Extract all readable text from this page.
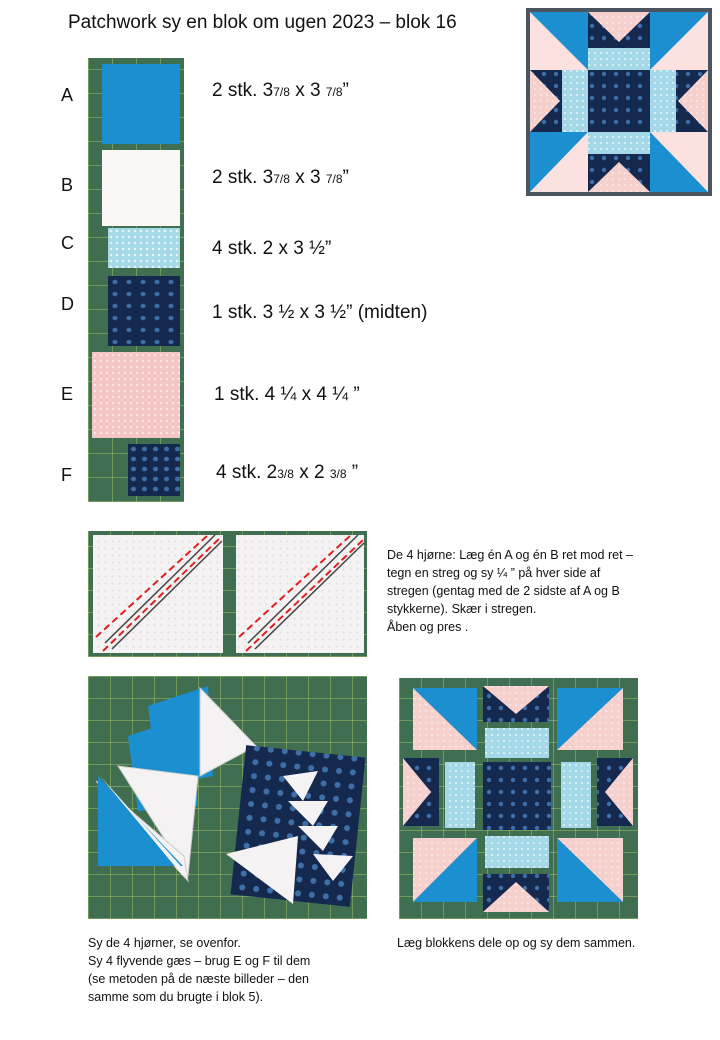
Patchwork sy en blok om ugen 2023 – blok 16
A
B
C
D
E
F
2 stk. 37/8 x 3 7/8”
2 stk. 37/8 x 3 7/8”
4 stk. 2 x 3 ½”
1 stk. 3 ½ x 3 ½” (midten)
1 stk. 4 ¼ x 4 ¼ ”
4 stk. 23/8 x 2 3/8 ”
De 4 hjørne: Læg én A og én B ret mod ret –
tegn en streg og sy ¼ ” på hver side af
stregen (gentag med de 2 sidste af A og B
stykkerne). Skær i stregen.
Åben og pres .
Sy de 4 hjørner, se ovenfor.
Sy 4 flyvende gæs – brug E og F til dem
(se metoden på de næste billeder – den
samme som du brugte i blok 5).
Læg blokkens dele op og sy dem sammen.
